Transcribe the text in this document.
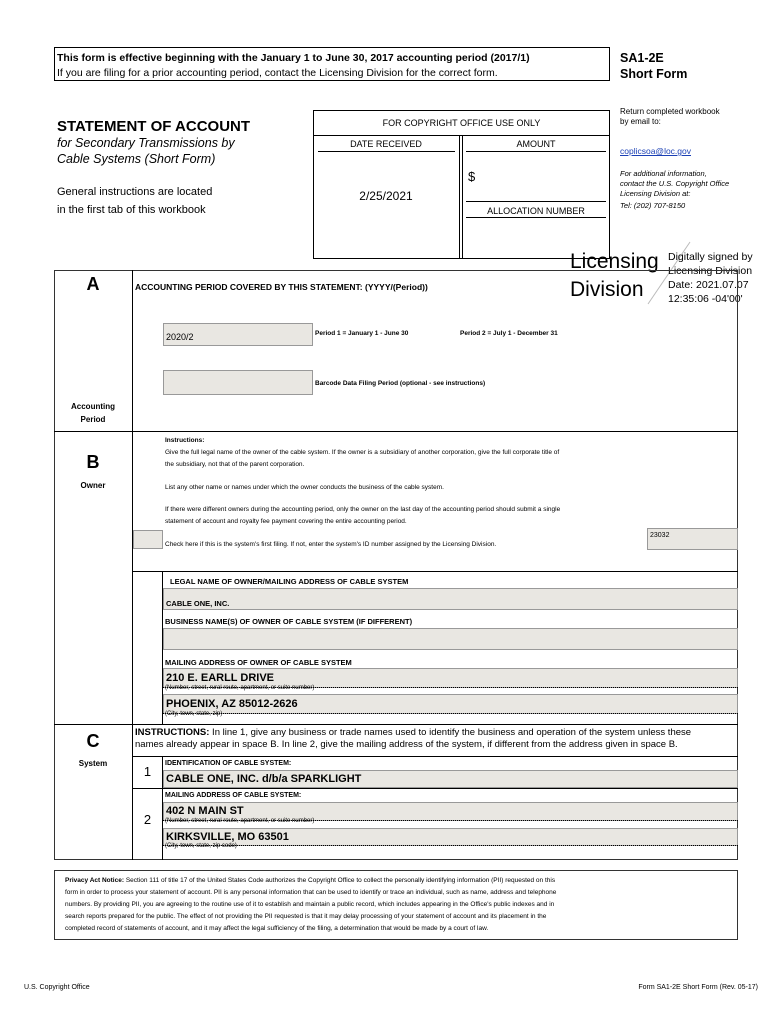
This form is effective beginning with the January 1 to June 30, 2017 accounting period (2017/1)
If you are filing for a prior accounting period, contact the Licensing Division for the correct form.
SA1-2E
Short Form
Return completed workbook by email to:
coplicsoa@loc.gov
For additional information, contact the U.S. Copyright Office Licensing Division at:
Tel: (202) 707-8150
STATEMENT OF ACCOUNT
for Secondary Transmissions by
Cable Systems (Short Form)
General instructions are located
in the first tab of this workbook
FOR COPYRIGHT OFFICE USE ONLY
DATE RECEIVED	AMOUNT
2/25/2021
$
ALLOCATION NUMBER
Licensing
Division
Digitally signed by
Licensing Division
Date: 2021.07.07
12:35:06 -04'00'
A
Accounting
Period
ACCOUNTING PERIOD COVERED BY THIS STATEMENT: (YYYY/(Period))
2020/2	Period 1 = January 1 - June 30	Period 2 = July 1 - December 31
Barcode Data Filing Period (optional - see instructions)
B
Owner
Instructions:
Give the full legal name of the owner of the cable system. If the owner is a subsidiary of another corporation, give the full corporate title of
the subsidiary, not that of the parent corporation.
List any other name or names under which the owner conducts the business of the cable system.
If there were different owners during the accounting period, only the owner on the last day of the accounting period should submit a single
statement of account and royalty fee payment covering the entire accounting period.
Check here if this is the system's first filing. If not, enter the system's ID number assigned by the Licensing Division.
23032
LEGAL NAME OF OWNER/MAILING ADDRESS OF CABLE SYSTEM
CABLE ONE, INC.
BUSINESS NAME(S) OF OWNER OF CABLE SYSTEM (IF DIFFERENT)
MAILING ADDRESS OF OWNER OF CABLE SYSTEM
210 E. EARLL DRIVE
(Number, street, rural route, apartment, or suite number)
PHOENIX, AZ 85012-2626
(City, town, state, zip)
C
System
INSTRUCTIONS: In line 1, give any business or trade names used to identify the business and operation of the system unless these
names already appear in space B. In line 2, give the mailing address of the system, if different from the address given in space B.
1
IDENTIFICATION OF CABLE SYSTEM:
CABLE ONE, INC. d/b/a SPARKLIGHT
MAILING ADDRESS OF CABLE SYSTEM:
2
402 N MAIN ST
(Number, street, rural route, apartment, or suite number)
KIRKSVILLE, MO 63501
(City, town, state, zip code)
Privacy Act Notice: Section 111 of title 17 of the United States Code authorizes the Copyright Office to collect the personally identifying information (PII) requested on this
form in order to process your statement of account. PII is any personal information that can be used to identify or trace an individual, such as name, address and telephone
numbers. By providing PII, you are agreeing to the routine use of it to establish and maintain a public record, which includes appearing in the Office's public indexes and in
search reports prepared for the public. The effect of not providing the PII requested is that it may delay processing of your statement of account and its placement in the
completed record of statements of account, and it may affect the legal sufficiency of the filing, a determination that would be made by a court of law.
U.S. Copyright Office	Form SA1-2E Short Form (Rev. 05-17)
